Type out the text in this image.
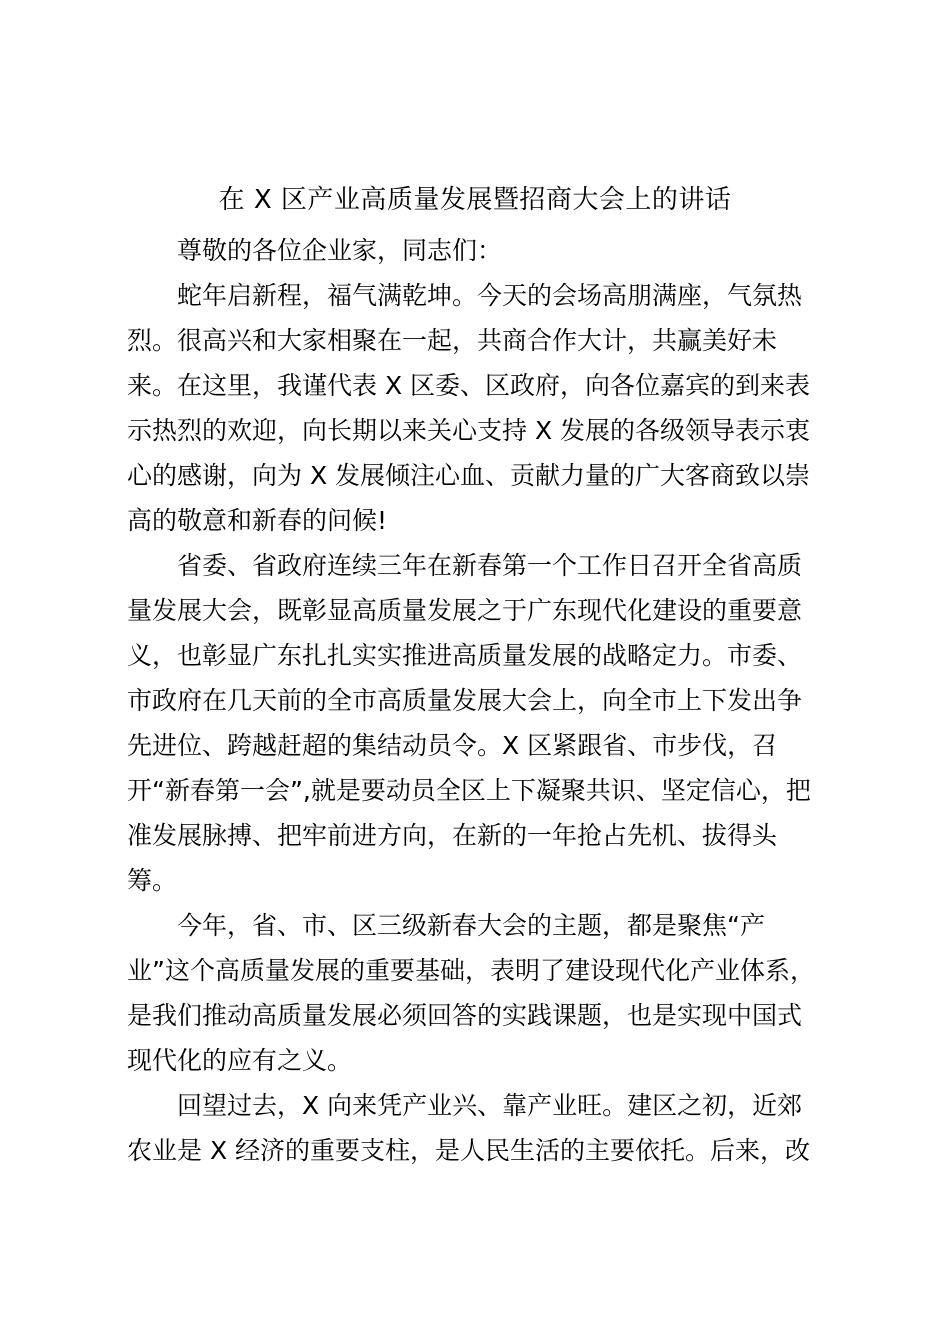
在 X 区产业高质量发展暨招商大会上的讲话

尊敬的各位企业家，同志们：

蛇年启新程，福气满乾坤。今天的会场高朋满座，气氛热
烈。很高兴和大家相聚在一起，共商合作大计，共赢美好未
来。在这里，我谨代表 X 区委、区政府，向各位嘉宾的到来表
示热烈的欢迎，向长期以来关心支持 X 发展的各级领导表示衷
心的感谢，向为 X 发展倾注心血、贡献力量的广大客商致以崇
高的敬意和新春的问候!

省委、省政府连续三年在新春第一个工作日召开全省高质
量发展大会，既彰显高质量发展之于广东现代化建设的重要意
义，也彰显广东扎扎实实推进高质量发展的战略定力。市委、
市政府在几天前的全市高质量发展大会上，向全市上下发出争
先进位、跨越赶超的集结动员令。X 区紧跟省、市步伐，召
开“新春第一会”,就是要动员全区上下凝聚共识、坚定信心，把
准发展脉搏、把牢前进方向，在新的一年抢占先机、拔得头
筹。

今年，省、市、区三级新春大会的主题，都是聚焦“产
业”这个高质量发展的重要基础，表明了建设现代化产业体系，
是我们推动高质量发展必须回答的实践课题，也是实现中国式
现代化的应有之义。

回望过去，X 向来凭产业兴、靠产业旺。建区之初，近郊
农业是 X 经济的重要支柱，是人民生活的主要依托。后来，改
